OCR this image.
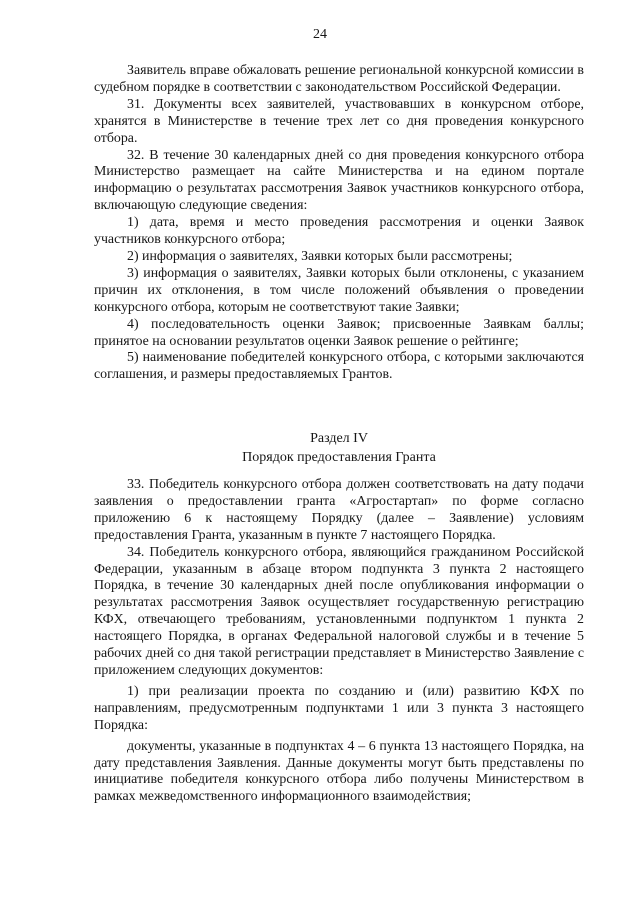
24

Заявитель вправе обжаловать решение региональной конкурсной комиссии в судебном порядке в соответствии с законодательством Российской Федерации.

31. Документы всех заявителей, участвовавших в конкурсном отборе, хранятся в Министерстве в течение трех лет со дня проведения конкурсного отбора.

32. В течение 30 календарных дней со дня проведения конкурсного отбора Министерство размещает на сайте Министерства и на едином портале информацию о результатах рассмотрения Заявок участников конкурсного отбора, включающую следующие сведения:

1) дата, время и место проведения рассмотрения и оценки Заявок участников конкурсного отбора;

2) информация о заявителях, Заявки которых были рассмотрены;

3) информация о заявителях, Заявки которых были отклонены, с указанием причин их отклонения, в том числе положений объявления о проведении конкурсного отбора, которым не соответствуют такие Заявки;

4) последовательность оценки Заявок; присвоенные Заявкам баллы; принятое на основании результатов оценки Заявок решение о рейтинге;

5) наименование победителей конкурсного отбора, с которыми заключаются соглашения, и размеры предоставляемых Грантов.

Раздел IV
Порядок предоставления Гранта

33. Победитель конкурсного отбора должен соответствовать на дату подачи заявления о предоставлении гранта «Агростартап» по форме согласно приложению 6 к настоящему Порядку (далее – Заявление) условиям предоставления Гранта, указанным в пункте 7 настоящего Порядка.

34. Победитель конкурсного отбора, являющийся гражданином Российской Федерации, указанным в абзаце втором подпункта 3 пункта 2 настоящего Порядка, в течение 30 календарных дней после опубликования информации о результатах рассмотрения Заявок осуществляет государственную регистрацию КФХ, отвечающего требованиям, установленными подпунктом 1 пункта 2 настоящего Порядка, в органах Федеральной налоговой службы и в течение 5 рабочих дней со дня такой регистрации представляет в Министерство Заявление с приложением следующих документов:

1) при реализации проекта по созданию и (или) развитию КФХ по направлениям, предусмотренным подпунктами 1 или 3 пункта 3 настоящего Порядка:

документы, указанные в подпунктах 4 – 6 пункта 13 настоящего Порядка, на дату представления Заявления. Данные документы могут быть представлены по инициативе победителя конкурсного отбора либо получены Министерством в рамках межведомственного информационного взаимодействия;
